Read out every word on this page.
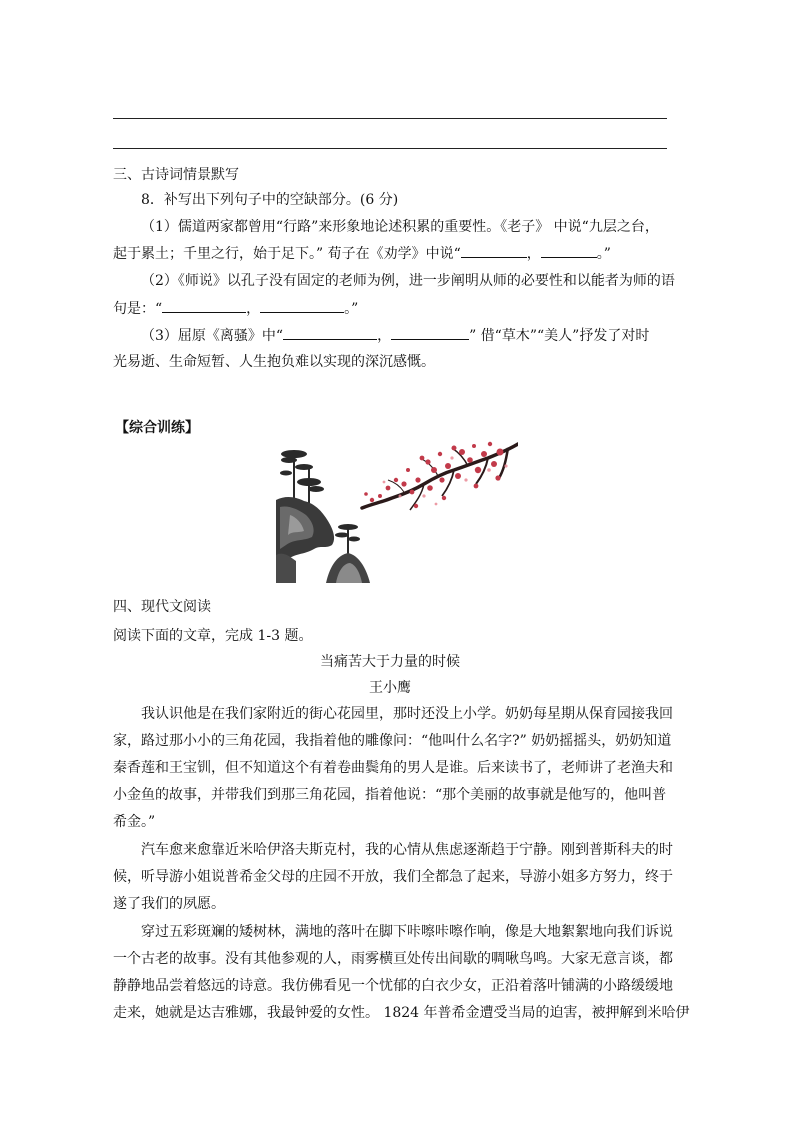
三、古诗词情景默写
8．补写出下列句子中的空缺部分。(6 分)
（1）儒道两家都曾用“行路”来形象地论述积累的重要性。《老子》 中说“九层之台，
起于累土；千里之行，始于足下。” 荀子在《劝学》中说“	，	。”
（2）《师说》以孔子没有固定的老师为例，进一步阐明从师的必要性和以能者为师的语
句是：“	，	。”
（3）屈原《离骚》中“	，	” 借“草木”“美人”抒发了对时
光易逝、生命短暂、人生抱负难以实现的深沉感慨。
【综合训练】
四、现代文阅读
阅读下面的文章，完成 1-3 题。
当痛苦大于力量的时候
王小鹰
我认识他是在我们家附近的街心花园里，那时还没上小学。奶奶每星期从保育园接我回
家，路过那小小的三角花园，我指着他的雕像问：“他叫什么名字?” 奶奶摇摇头，奶奶知道
秦香莲和王宝钏，但不知道这个有着卷曲鬓角的男人是谁。后来读书了，老师讲了老渔夫和
小金鱼的故事，并带我们到那三角花园，指着他说：“那个美丽的故事就是他写的，他叫普
希金。”
汽车愈来愈靠近米哈伊洛夫斯克村，我的心情从焦虑逐渐趋于宁静。刚到普斯科夫的时
候，听导游小姐说普希金父母的庄园不开放，我们全都急了起来，导游小姐多方努力，终于
遂了我们的夙愿。
穿过五彩斑斓的矮树林，满地的落叶在脚下咔嚓咔嚓作响，像是大地絮絮地向我们诉说
一个古老的故事。没有其他参观的人，雨雾横亘处传出间歇的啁啾鸟鸣。大家无意言谈，都
静静地品尝着悠远的诗意。我仿佛看见一个忧郁的白衣少女，正沿着落叶铺满的小路缓缓地
走来，她就是达吉雅娜，我最钟爱的女性。 1824 年普希金遭受当局的迫害，被押解到米哈伊
